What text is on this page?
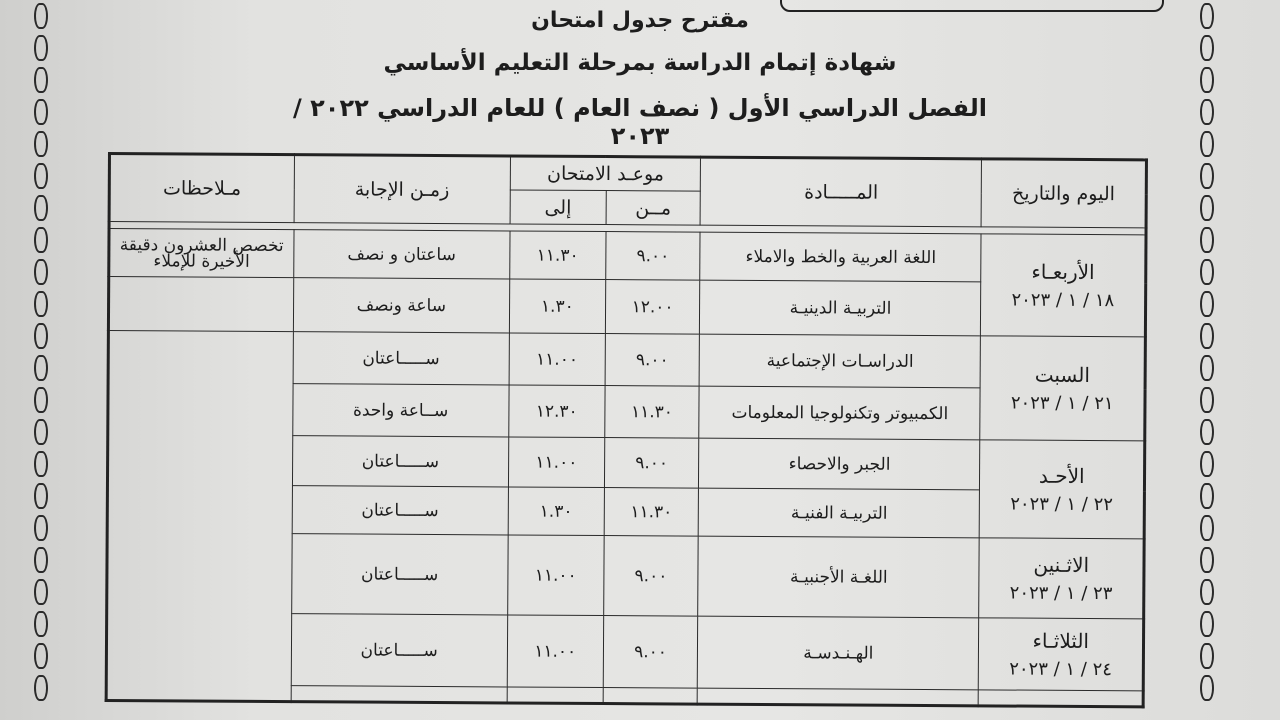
مقترح جدول امتحان
شهادة إتمام الدراسة بمرحلة التعليم الأساسي
الفصل الدراسي الأول ( نصف العام ) للعام الدراسي ٢٠٢٢ / ٢٠٢٣
اليوم والتاريخ	المـــــادة	موعـد الامتحان		زمـن الإجابة	مـلاحظات
		مــن	إلى		

الأربعـاء
١٨ / ١ / ٢٠٢٣	اللغة العربية والخط والاملاء	٩.٠٠	١١.٣٠	ساعتان و نصف	تخصص العشرون دقيقة الأخيرة للإملاء
	التربيـة الدينيـة	١٢.٠٠	١.٣٠	ساعة ونصف	

السبت
٢١ / ١ / ٢٠٢٣	الدراسـات الإجتماعية	٩.٠٠	١١.٠٠	ســـــاعتان	
	الكمبيوتر وتكنولوجيا المعلومات	١١.٣٠	١٢.٣٠	ســاعة واحدة	

الأحـد
٢٢ / ١ / ٢٠٢٣	الجبر والاحصاء	٩.٠٠	١١.٠٠	ســـــاعتان	
	التربيـة الفنيـة	١١.٣٠	١.٣٠	ســـــاعتان	

الاثـنين
٢٣ / ١ / ٢٠٢٣	اللغـة الأجنبيـة	٩.٠٠	١١.٠٠	ســـــاعتان	

الثلاثـاء
٢٤ / ١ / ٢٠٢٣	الهـنـدسـة	٩.٠٠	١١.٠٠	ســـــاعتان	
